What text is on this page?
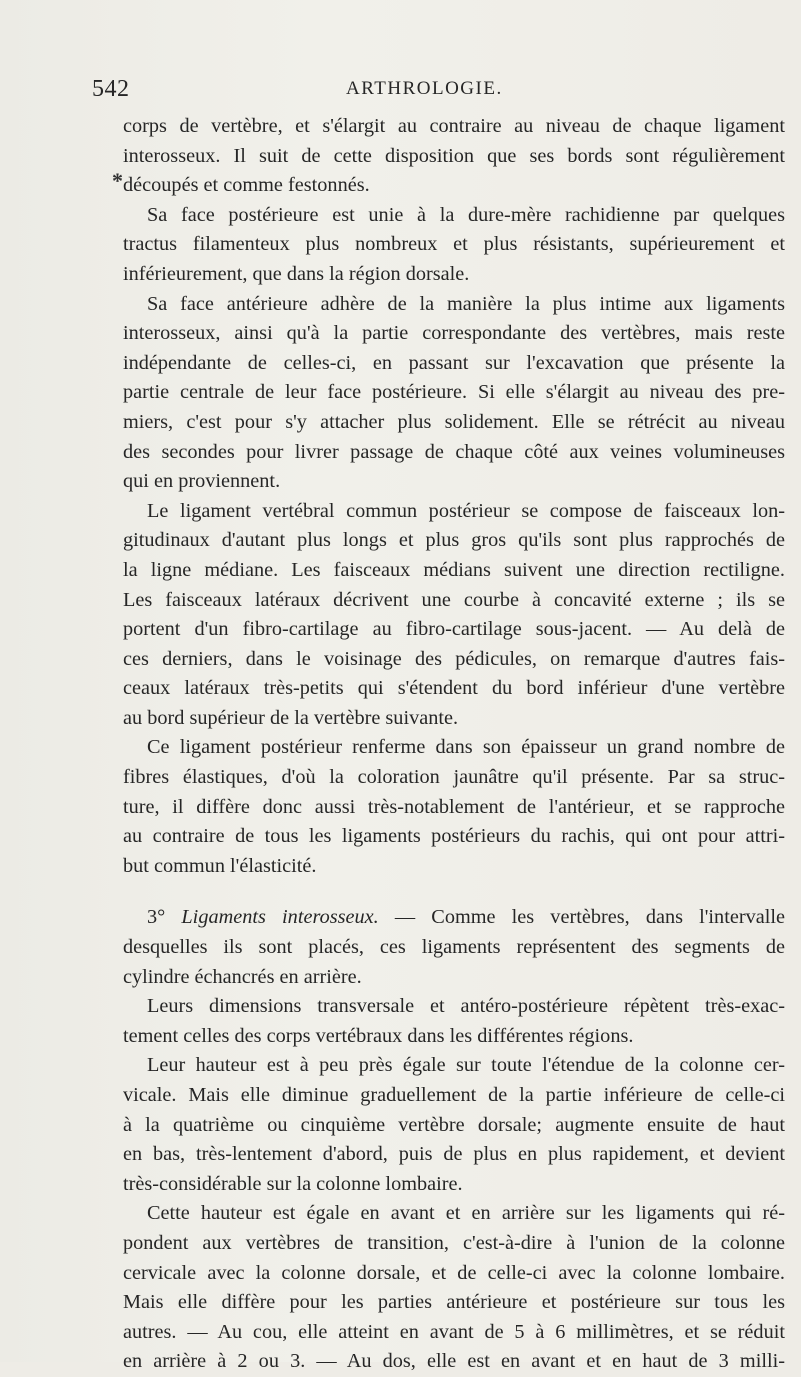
542	ARTHROLOGIE.
*
corps de vertèbre, et s'élargit au contraire au niveau de chaque ligament
interosseux. Il suit de cette disposition que ses bords sont régulièrement
découpés et comme festonnés.
Sa face postérieure est unie à la dure-mère rachidienne par quelques
tractus filamenteux plus nombreux et plus résistants, supérieurement et
inférieurement, que dans la région dorsale.
Sa face antérieure adhère de la manière la plus intime aux ligaments
interosseux, ainsi qu'à la partie correspondante des vertèbres, mais reste
indépendante de celles-ci, en passant sur l'excavation que présente la
partie centrale de leur face postérieure. Si elle s'élargit au niveau des pre-
miers, c'est pour s'y attacher plus solidement. Elle se rétrécit au niveau
des secondes pour livrer passage de chaque côté aux veines volumineuses
qui en proviennent.
Le ligament vertébral commun postérieur se compose de faisceaux lon-
gitudinaux d'autant plus longs et plus gros qu'ils sont plus rapprochés de
la ligne médiane. Les faisceaux médians suivent une direction rectiligne.
Les faisceaux latéraux décrivent une courbe à concavité externe ; ils se
portent d'un fibro-cartilage au fibro-cartilage sous-jacent. — Au delà de
ces derniers, dans le voisinage des pédicules, on remarque d'autres fais-
ceaux latéraux très-petits qui s'étendent du bord inférieur d'une vertèbre
au bord supérieur de la vertèbre suivante.
Ce ligament postérieur renferme dans son épaisseur un grand nombre de
fibres élastiques, d'où la coloration jaunâtre qu'il présente. Par sa struc-
ture, il diffère donc aussi très-notablement de l'antérieur, et se rapproche
au contraire de tous les ligaments postérieurs du rachis, qui ont pour attri-
but commun l'élasticité.
3° Ligaments interosseux. — Comme les vertèbres, dans l'intervalle
desquelles ils sont placés, ces ligaments représentent des segments de
cylindre échancrés en arrière.
Leurs dimensions transversale et antéro-postérieure répètent très-exac-
tement celles des corps vertébraux dans les différentes régions.
Leur hauteur est à peu près égale sur toute l'étendue de la colonne cer-
vicale. Mais elle diminue graduellement de la partie inférieure de celle-ci
à la quatrième ou cinquième vertèbre dorsale; augmente ensuite de haut
en bas, très-lentement d'abord, puis de plus en plus rapidement, et devient
très-considérable sur la colonne lombaire.
Cette hauteur est égale en avant et en arrière sur les ligaments qui ré-
pondent aux vertèbres de transition, c'est-à-dire à l'union de la colonne
cervicale avec la colonne dorsale, et de celle-ci avec la colonne lombaire.
Mais elle diffère pour les parties antérieure et postérieure sur tous les
autres. — Au cou, elle atteint en avant de 5 à 6 millimètres, et se réduit
en arrière à 2 ou 3. — Au dos, elle est en avant et en haut de 3 milli-
